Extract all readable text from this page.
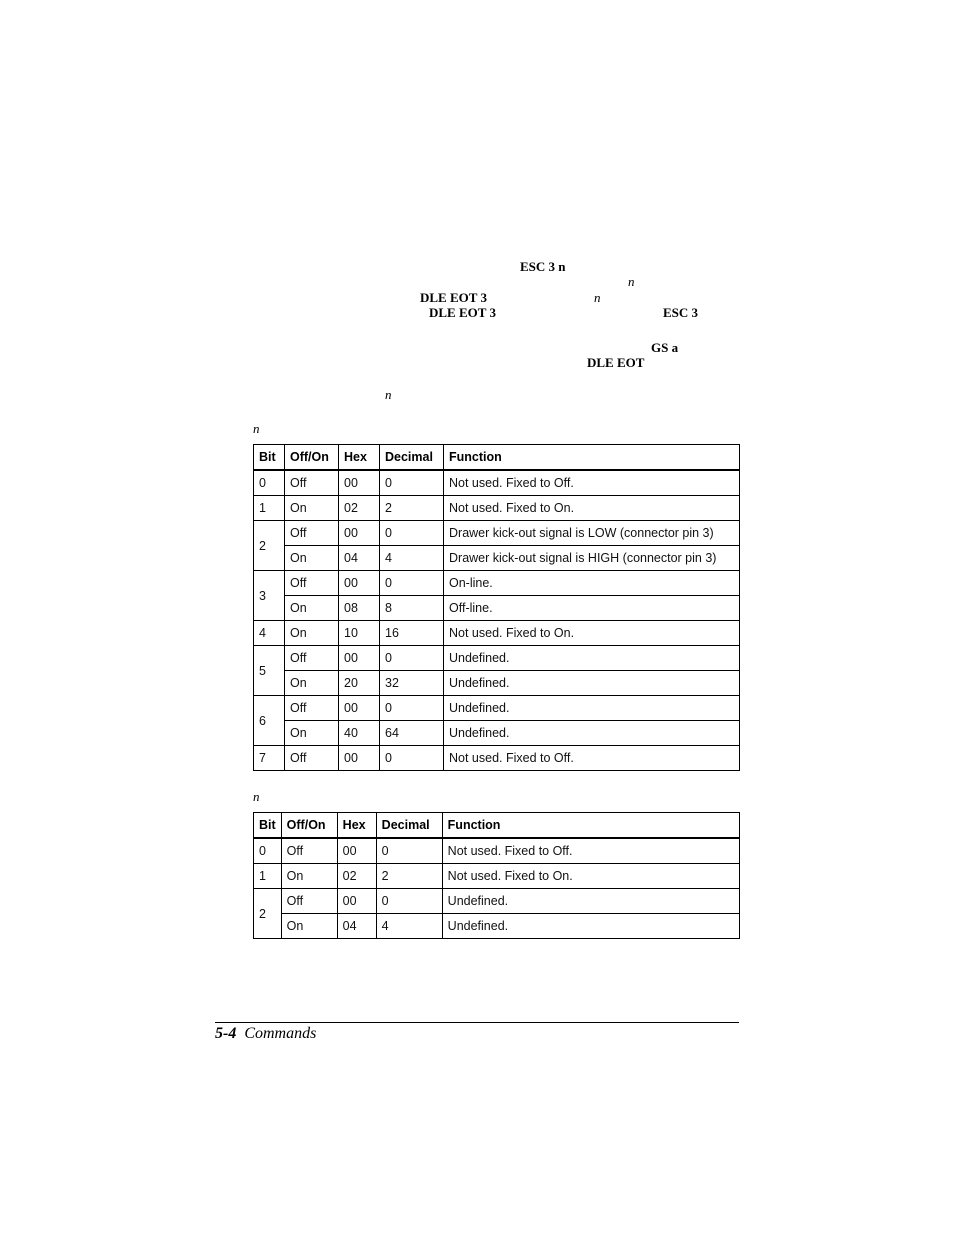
ESC 3 n
n
DLE EOT 3	n
DLE EOT 3	ESC 3
GS a
DLE EOT
n
n
Bit	Off/On	Hex	Decimal	Function
0	Off	00	0	Not used. Fixed to Off.
1	On	02	2	Not used. Fixed to On.
2	Off	00	0	Drawer kick-out signal is LOW (connector pin 3)
	On	04	4	Drawer kick-out signal is HIGH (connector pin 3)
3	Off	00	0	On-line.
	On	08	8	Off-line.
4	On	10	16	Not used. Fixed to On.
5	Off	00	0	Undefined.
	On	20	32	Undefined.
6	Off	00	0	Undefined.
	On	40	64	Undefined.
7	Off	00	0	Not used. Fixed to Off.
n
Bit	Off/On	Hex	Decimal	Function
0	Off	00	0	Not used. Fixed to Off.
1	On	02	2	Not used. Fixed to On.
2	Off	00	0	Undefined.
	On	04	4	Undefined.
5-4 Commands
